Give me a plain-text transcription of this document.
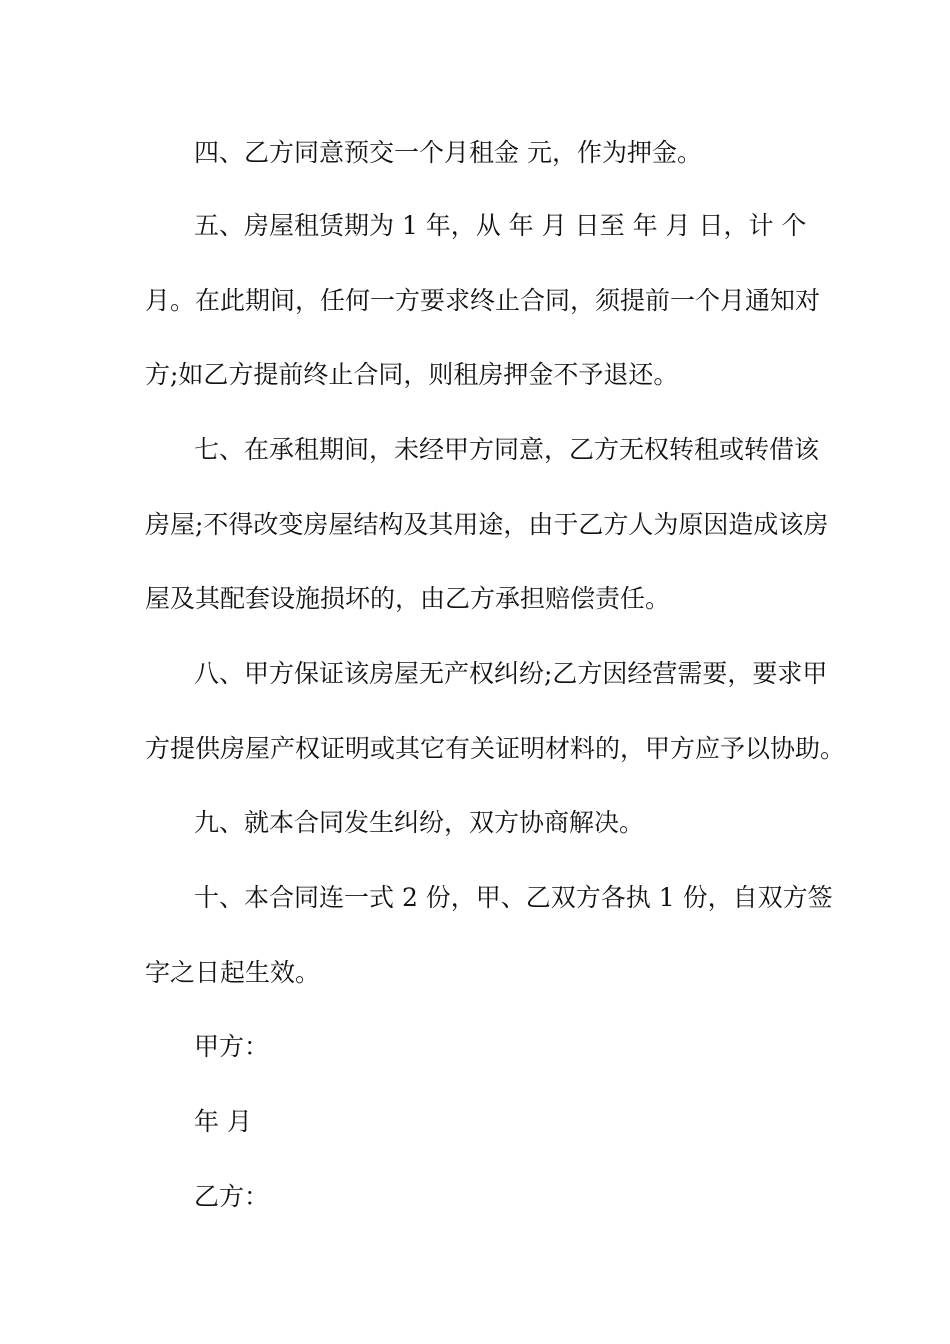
四、乙方同意预交一个月租金 元，作为押金。
五、房屋租赁期为 1 年，从 年 月 日至 年 月 日，计 个
月。在此期间，任何一方要求终止合同，须提前一个月通知对
方;如乙方提前终止合同，则租房押金不予退还。
七、在承租期间，未经甲方同意，乙方无权转租或转借该
房屋;不得改变房屋结构及其用途，由于乙方人为原因造成该房
屋及其配套设施损坏的，由乙方承担赔偿责任。
八、甲方保证该房屋无产权纠纷;乙方因经营需要，要求甲
方提供房屋产权证明或其它有关证明材料的，甲方应予以协助。
九、就本合同发生纠纷，双方协商解决。
十、本合同连一式 2 份，甲、乙双方各执 1 份，自双方签
字之日起生效。
甲方：
年 月
乙方：
